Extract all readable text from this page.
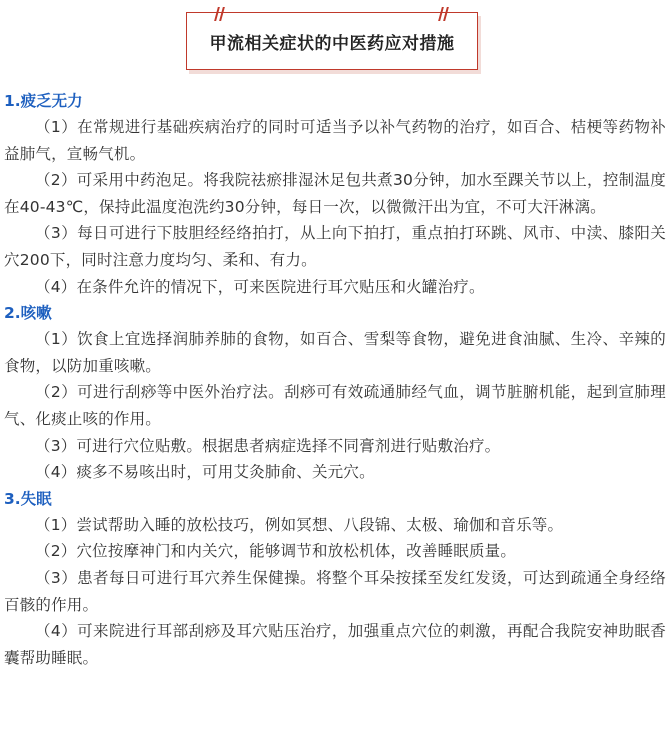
甲流相关症状的中医药应对措施

1.疲乏无力

（1）在常规进行基础疾病治疗的同时可适当予以补气药物的治疗，如百合、桔梗等药物补益肺气，宣畅气机。

（2）可采用中药泡足。将我院祛瘀排湿沐足包共煮30分钟，加水至踝关节以上，控制温度在40-43℃，保持此温度泡洗约30分钟，每日一次，以微微汗出为宜，不可大汗淋漓。

（3）每日可进行下肢胆经经络拍打，从上向下拍打，重点拍打环跳、风市、中渎、膝阳关穴200下，同时注意力度均匀、柔和、有力。

（4）在条件允许的情况下，可来医院进行耳穴贴压和火罐治疗。

2.咳嗽

（1）饮食上宜选择润肺养肺的食物，如百合、雪梨等食物，避免进食油腻、生冷、辛辣的食物，以防加重咳嗽。

（2）可进行刮痧等中医外治疗法。刮痧可有效疏通肺经气血，调节脏腑机能，起到宣肺理气、化痰止咳的作用。

（3）可进行穴位贴敷。根据患者病症选择不同膏剂进行贴敷治疗。

（4）痰多不易咳出时，可用艾灸肺俞、关元穴。

3.失眠

（1）尝试帮助入睡的放松技巧，例如冥想、八段锦、太极、瑜伽和音乐等。

（2）穴位按摩神门和内关穴，能够调节和放松机体，改善睡眠质量。

（3）患者每日可进行耳穴养生保健操。将整个耳朵按揉至发红发烫，可达到疏通全身经络百骸的作用。

（4）可来院进行耳部刮痧及耳穴贴压治疗，加强重点穴位的刺激，再配合我院安神助眠香囊帮助睡眠。
